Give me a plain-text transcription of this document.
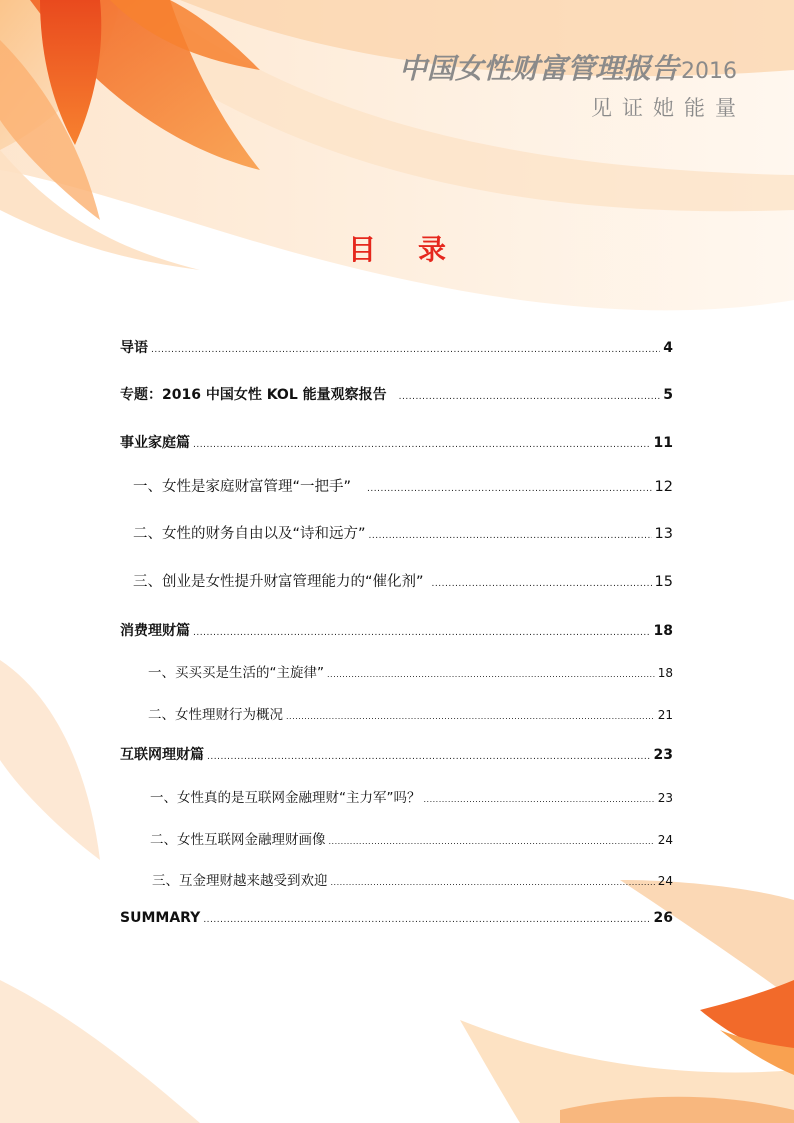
中国女性财富管理报告2016
见证她能量
目录
导语 .....	4
专题：2016 中国女性 KOL 能量观察报告 .....	5
事业家庭篇 .....	11
一、女性是家庭财富管理“一把手” .....	12
二、女性的财务自由以及“诗和远方” .....	13
三、创业是女性提升财富管理能力的“催化剂” .....	15
消费理财篇 .....	18
一、买买买是生活的“主旋律” .....	18
二、女性理财行为概况 .....	21
互联网理财篇 .....	23
一、女性真的是互联网金融理财“主力军”吗？ .....	23
二、女性互联网金融理财画像 .....	24
三、互金理财越来越受到欢迎 .....	24
SUMMARY .....	26
